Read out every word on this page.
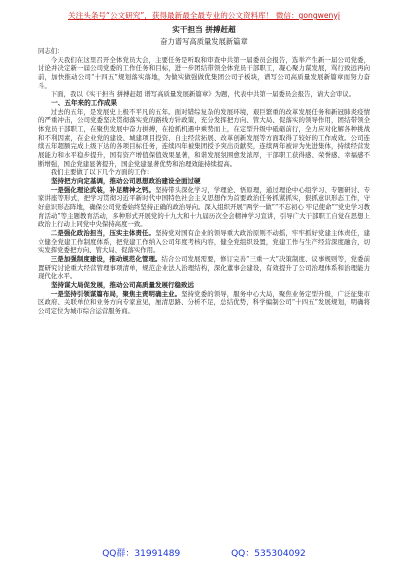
关注头条号“公文研究”，获得最新最全最专业的公文资料库！ 微信：gongwenyj

实干担当 拼搏赶超

奋力谱写高质量发展新篇章

同志们：

今天我们在这里召开全体党员大会，主要任务是听取和审查中共第一届委员会报告，选举产生新一届公司党委，讨论并决定新一届公司党委的工作任务和目标，进一步团结带领全体党员干部职工，凝心聚力谋发展，骂行致远再向前，加快推动公司“十四五”规划落实落地，为做实做强做优集团公司子板块，谱写公司高质量发展新篇章而努力奋斗。

下面，我以《实干担当 拼搏赶超 谱写高质量发展新篇章》为题，代表中共第一届委员会报告，请大会审议。

一、五年来的工作成果

过去的五年，是发展史上极不平凡的五年。面对错综复杂的发展环境，艰巨繁重的改革发展任务和新冠肺炎疫情的严重冲击，公司党委坚决贯彻落实党的路线方针政策，充分发挥把方向、管大局、促落实的领导作用，团结带领全体党员干部职工，在聚焦发展中奋力拼搏，在抢抓机遇中乘势而上，在定型升级中砥砺前行，全力应对化解各种挑战和不利因素，在企业党的建设、城建项目投资、自主经营拓展、改革创新发展等方面取得了较好的工作成效。公司连续五年超额完成上级下达的各项目标任务，连续四年被集团授予突出贡献奖，连续两年被评为先进集体，持续经营发展能力和水平稳步提升，国有资产增值保值效果显著，和谐发展氛围愈发浓厚，干部职工获得感、荣誉感、幸福感不断增强，国企党建显著提升，国企党建显著优势和治理效能持续提高。

我们主要做了以下几个方面的工作：

坚持把方向定基调，推动公司思想政治建设全面过硬

一是强化理论武装，补足精神之钙。坚持带头深化学习，学理论、悟原理，通过理论中心组学习、专题研讨、专家讲座等形式，把学习贯彻习近平新时代中国特色社会主义思想作为首要政治任务抓紧抓实，狠抓意识形态工作，守好意识形态阵地，确保公司党委始终坚持正确的政治导向。深入组织开展“两学一做”“不忘初心 牢记使命”“党史学习教育活动”等主题教育活动，多种形式开展党的十九大和十九届历次全会精神学习宣讲，引导广大干部职工自觉在思想上政治上行动上同党中央保持高度一致。

二是强化政治担当，压实主体责任。坚持党对国有企业的领导重大政治原则不动摇，牢牢抓好党建主体责任，建立健全党建工作制度体系，把党建工作纳入公司年度考核内容，健全党组织设置，党建工作与生产经营深度融合，切实发挥党委把方向、管大局、促落实作用。

三是加强制度建设，推动规范化管理。结合公司发展需要，修订完善“三重一大”决策制度、议事规则等，党委前置研究讨论重大经营管理事项清单，规范企业法人治理结构，深化董事会建设，有效提升了公司治理体系和治理能力现代化水平。

坚持谋大局促发展，推动公司高质量发展行稳致远

一是坚持引领谋篇布局，聚焦主责明确主业。坚持党委的领导，服务中心大局，聚焦业务定型升级，广泛征集市区政府、关联单位和业务方向专家意见，厘清思路、分析不足，总结优势，科学编制公司“十四五”发展规划，明确将公司定位为城市综合运营服务商。

QQ群：31991489	QQ：535304092
